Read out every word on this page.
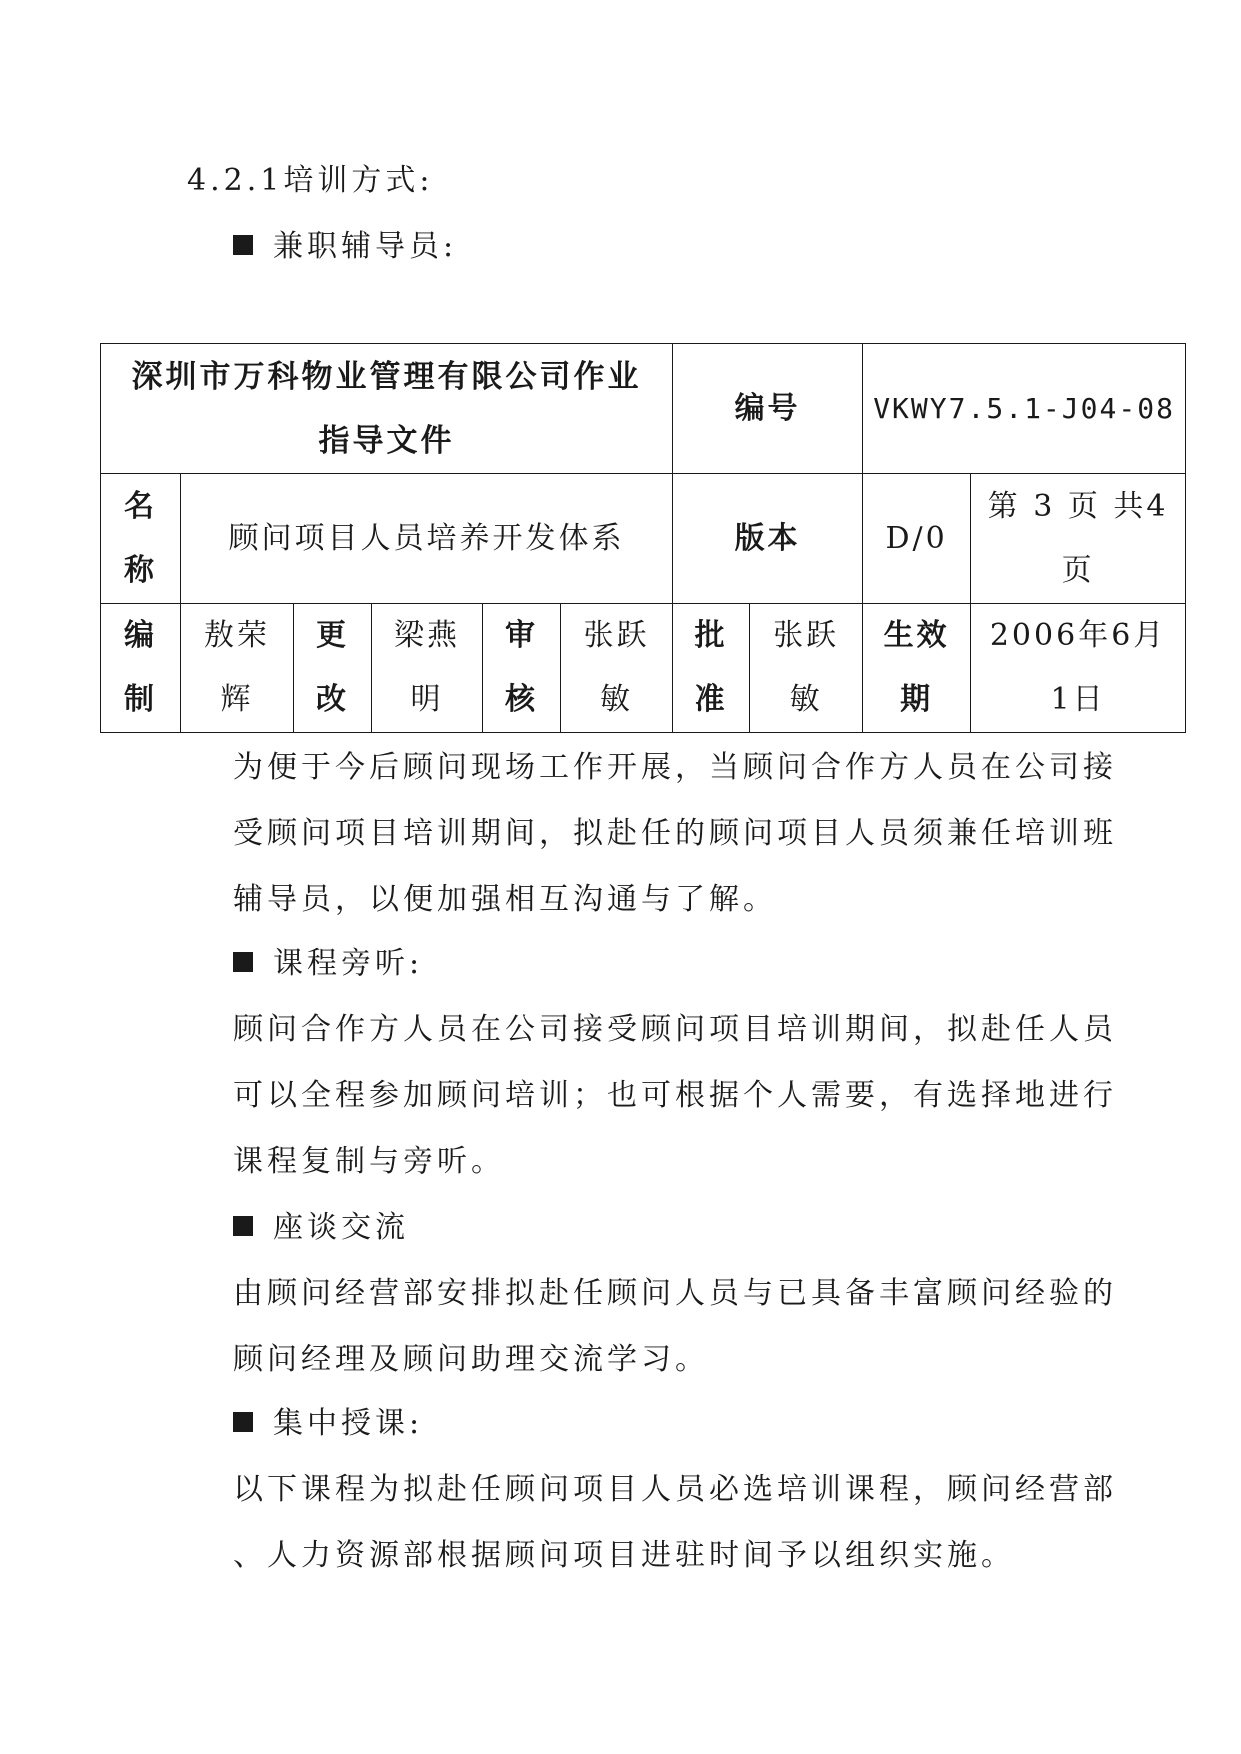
4.2.1培训方式:
兼职辅导员:
深圳市万科物业管理有限公司作业指导文件						编号		VKWY7.5.1-J04-08	
名称	顾问项目人员培养开发体系					版本		D/0	第 3 页 共4页
编制	敖荣辉	更改	梁燕明	审核	张跃敏	批准	张跃敏	生效期	2006年6月1日
为便于今后顾问现场工作开展，当顾问合作方人员在公司接
受顾问项目培训期间，拟赴任的顾问项目人员须兼任培训班
辅导员，以便加强相互沟通与了解。
课程旁听:
顾问合作方人员在公司接受顾问项目培训期间，拟赴任人员
可以全程参加顾问培训；也可根据个人需要，有选择地进行
课程复制与旁听。
座谈交流
由顾问经营部安排拟赴任顾问人员与已具备丰富顾问经验的
顾问经理及顾问助理交流学习。
集中授课:
以下课程为拟赴任顾问项目人员必选培训课程，顾问经营部
、人力资源部根据顾问项目进驻时间予以组织实施。
